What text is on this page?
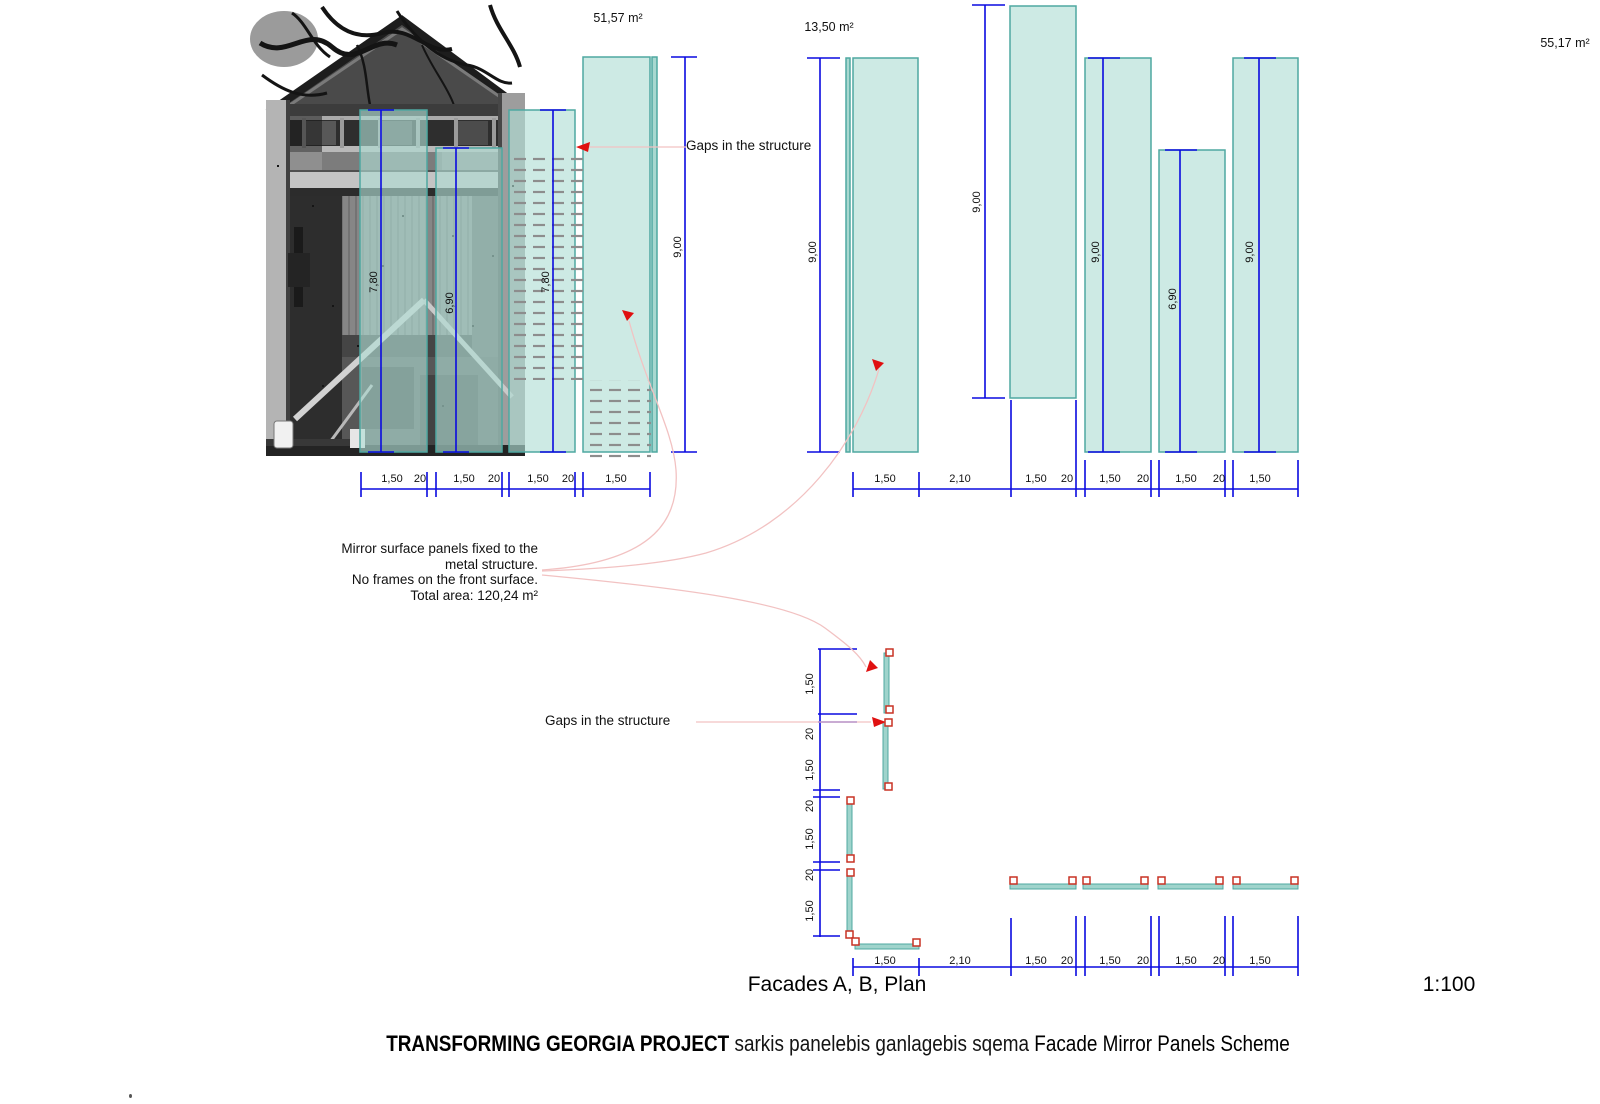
51,57 m²
13,50 m²
55,17 m²
7,80
6,90
7,80
9,00	9,00
9,00
9,00
6,90
9,00
1,50 20 1,50 20 1,50 20	1,50	1,50	2,10	1,50 20 1,50 20 1,50 20 1,50
1,50
20
1,50
20
1,50
20
1,50
1,50	2,10	1,50 20 1,50 20 1,50 20 1,50
Gaps in the structure
Gaps in the structure
Mirror surface panels fixed to the
metal structure.
No frames on the front surface.
Total area: 120,24 m²
Facades A, B, Plan	1:100
TRANSFORMING GEORGIA PROJECT sarkis panelebis ganlagebis sqema Facade Mirror Panels Scheme
